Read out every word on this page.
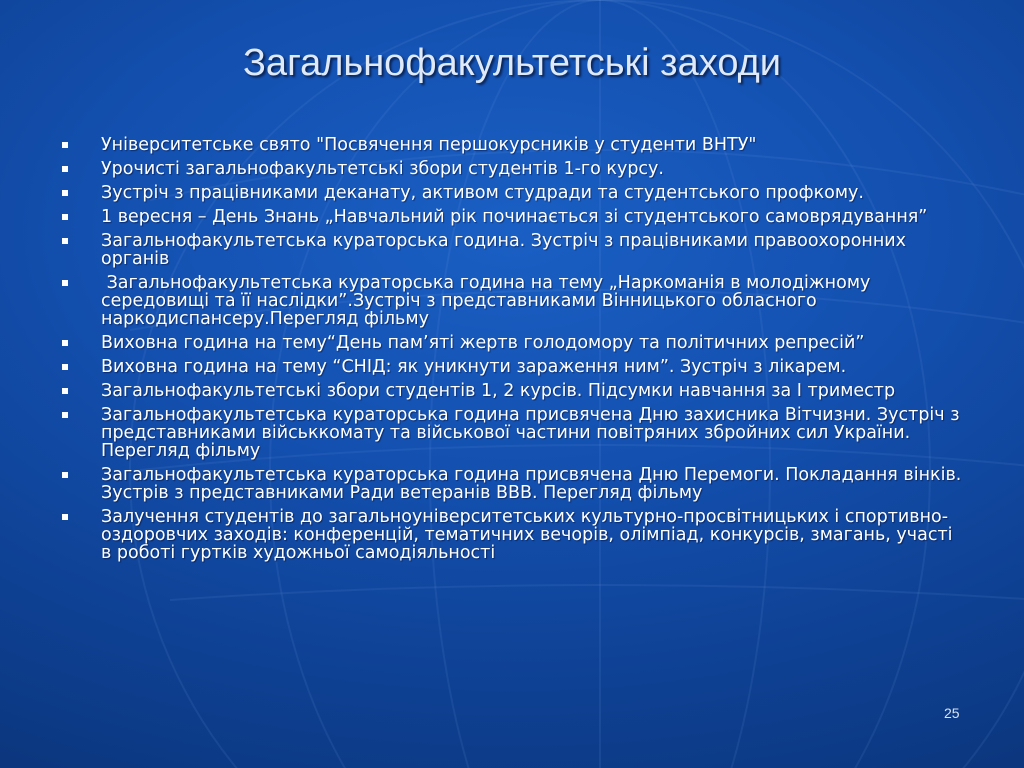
Загальнофакультетські заходи
Університетське свято "Посвячення першокурсників у студенти ВНТУ"
Урочисті загальнофакультетські збори студентів 1-го курсу.
Зустріч з працівниками деканату, активом студради та студентського профкому.
1 вересня – День Знань „Навчальний рік починається зі студентського самоврядування”
Загальнофакультетська кураторська година. Зустріч з працівниками правоохоронних органів
Загальнофакультетська кураторська година на тему „Наркоманія в молодіжному середовищі та її наслідки”.Зустріч з представниками Вінницького обласного наркодиспансеру.Перегляд фільму
Виховна година на тему“День пам’яті жертв голодомору та політичних репресій”
Виховна година на тему “СНІД: як уникнути зараження ним”. Зустріч з лікарем.
Загальнофакультетські збори студентів 1, 2 курсів. Підсумки навчання за І триместр
Загальнофакультетська кураторська година присвячена Дню захисника Вітчизни. Зустріч з представниками військкомату та військової частини повітряних збройних сил України. Перегляд фільму
Загальнофакультетська кураторська година присвячена Дню Перемоги. Покладання вінків. Зустрів з представниками Ради ветеранів ВВВ. Перегляд фільму
Залучення студентів до загальноуніверситетських культурно-просвітницьких і спортивно-оздоровчих заходів: конференцій, тематичних вечорів, олімпіад, конкурсів, змагань, участі в роботі гуртків художньої самодіяльності
25
